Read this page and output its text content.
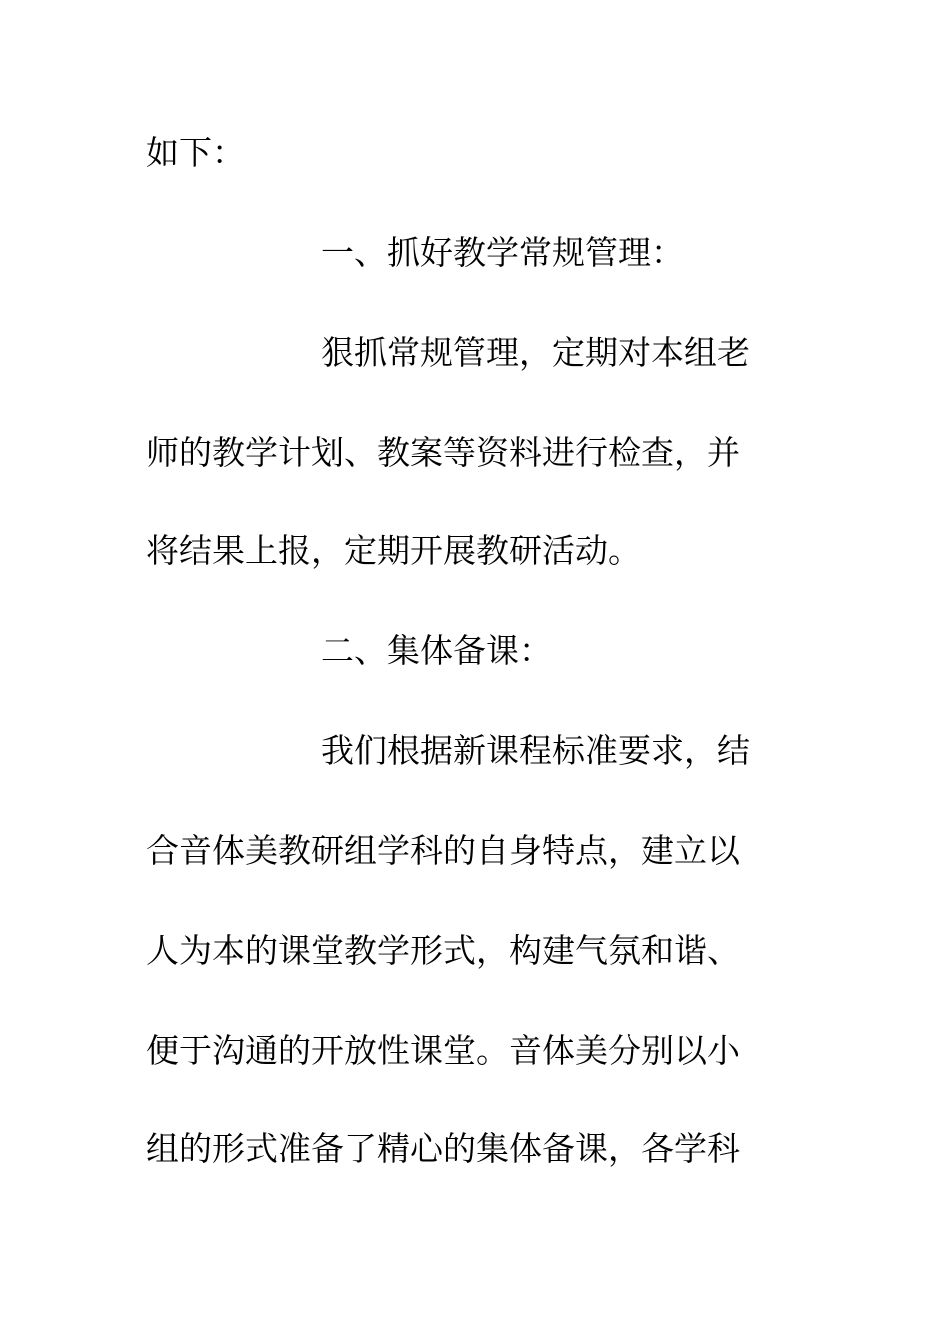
如下：
一、抓好教学常规管理：
狠抓常规管理，定期对本组老
师的教学计划、教案等资料进行检查，并
将结果上报，定期开展教研活动。
二、集体备课：
我们根据新课程标准要求，结
合音体美教研组学科的自身特点，建立以
人为本的课堂教学形式，构建气氛和谐、
便于沟通的开放性课堂。音体美分别以小
组的形式准备了精心的集体备课，各学科
